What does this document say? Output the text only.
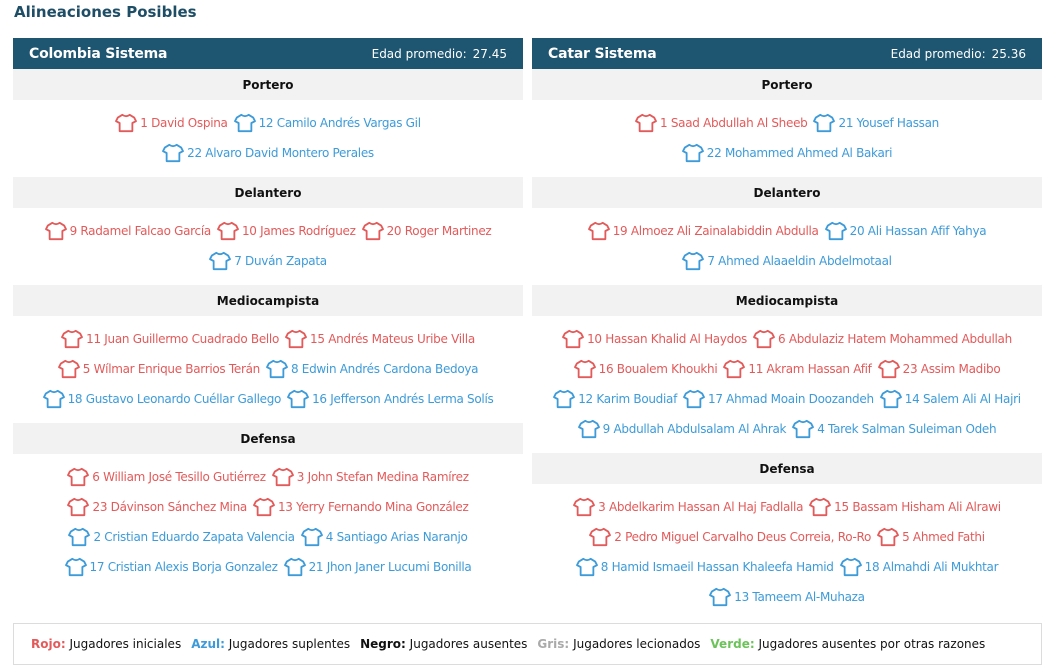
Alineaciones Posibles
Colombia Sistema	Edad promedio: 27.45
Portero
1 David Ospina	12 Camilo Andrés Vargas Gil
22 Alvaro David Montero Perales
Delantero
9 Radamel Falcao García	10 James Rodríguez	20 Roger Martinez
7 Duván Zapata
Mediocampista
11 Juan Guillermo Cuadrado Bello	15 Andrés Mateus Uribe Villa
5 Wílmar Enrique Barrios Terán	8 Edwin Andrés Cardona Bedoya
18 Gustavo Leonardo Cuéllar Gallego	16 Jefferson Andrés Lerma Solís
Defensa
6 William José Tesillo Gutiérrez	3 John Stefan Medina Ramírez
23 Dávinson Sánchez Mina	13 Yerry Fernando Mina González
2 Cristian Eduardo Zapata Valencia	4 Santiago Arias Naranjo
17 Cristian Alexis Borja Gonzalez	21 Jhon Janer Lucumi Bonilla
Catar Sistema	Edad promedio: 25.36
Portero
1 Saad Abdullah Al Sheeb	21 Yousef Hassan
22 Mohammed Ahmed Al Bakari
Delantero
19 Almoez Ali Zainalabiddin Abdulla	20 Ali Hassan Afif Yahya
7 Ahmed Alaaeldin Abdelmotaal
Mediocampista
10 Hassan Khalid Al Haydos	6 Abdulaziz Hatem Mohammed Abdullah
16 Boualem Khoukhi	11 Akram Hassan Afif	23 Assim Madibo
12 Karim Boudiaf	17 Ahmad Moain Doozandeh	14 Salem Ali Al Hajri
9 Abdullah Abdulsalam Al Ahrak	4 Tarek Salman Suleiman Odeh
Defensa
3 Abdelkarim Hassan Al Haj Fadlalla	15 Bassam Hisham Ali Alrawi
2 Pedro Miguel Carvalho Deus Correia, Ro-Ro	5 Ahmed Fathi
8 Hamid Ismaeil Hassan Khaleefa Hamid	18 Almahdi Ali Mukhtar
13 Tameem Al-Muhaza
Rojo: Jugadores iniciales Azul: Jugadores suplentes Negro: Jugadores ausentes Gris: Jugadores lecionados Verde: Jugadores ausentes por otras razones
